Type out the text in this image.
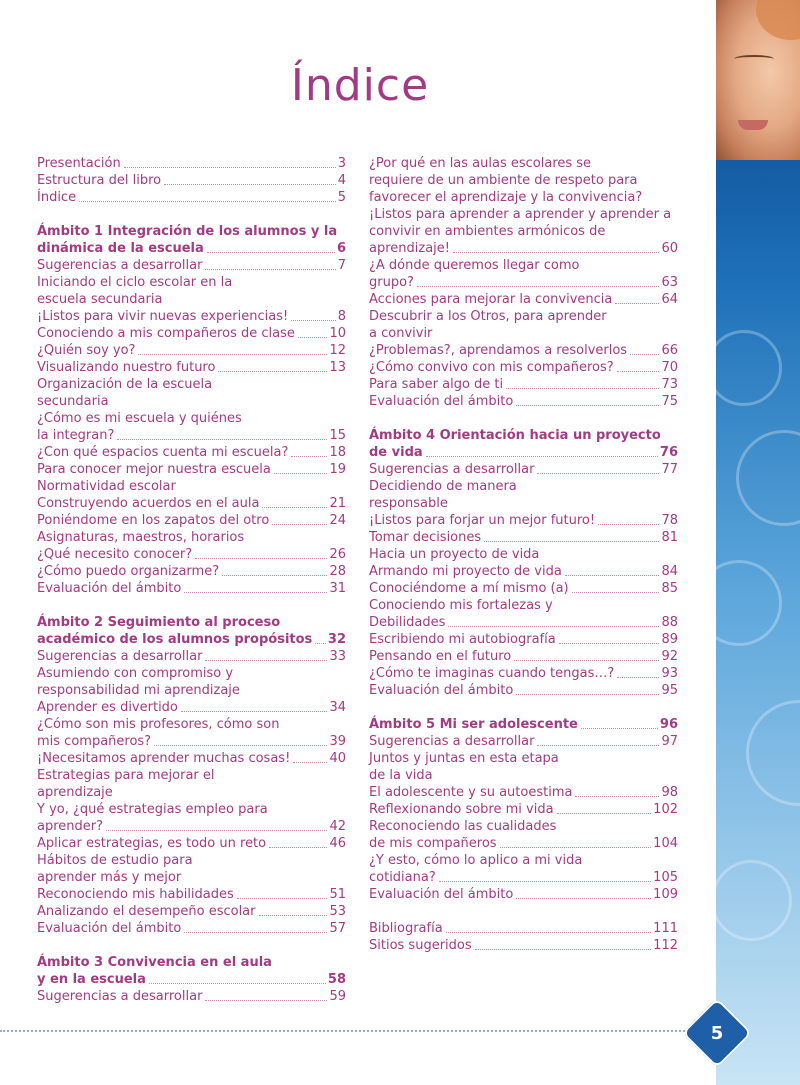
Índice
Presentación	3
Estructura del libro	4
Índice	5
Ámbito 1 Integración de los alumnos y la
dinámica de la escuela	6
Sugerencias a desarrollar	7
Iniciando el ciclo escolar en la
escuela secundaria
¡Listos para vivir nuevas experiencias!	8
Conociendo a mis compañeros de clase	10
¿Quién soy yo?	12
Visualizando nuestro futuro	13
Organización de la escuela
secundaria
¿Cómo es mi escuela y quiénes
la integran?	15
¿Con qué espacios cuenta mi escuela?	18
Para conocer mejor nuestra escuela	19
Normatividad escolar
Construyendo acuerdos en el aula	21
Poniéndome en los zapatos del otro	24
Asignaturas, maestros, horarios
¿Qué necesito conocer?	26
¿Cómo puedo organizarme?	28
Evaluación del ámbito	31
Ámbito 2 Seguimiento al proceso
académico de los alumnos propósitos 32
Sugerencias a desarrollar	33
Asumiendo con compromiso y
responsabilidad mi aprendizaje
Aprender es divertido	34
¿Cómo son mis profesores, cómo son
mis compañeros?	39
¡Necesitamos aprender muchas cosas!	40
Estrategias para mejorar el
aprendizaje
Y yo, ¿qué estrategias empleo para
aprender?	42
Aplicar estrategias, es todo un reto	46
Hábitos de estudio para
aprender más y mejor
Reconociendo mis habilidades	51
Analizando el desempeño escolar	53
Evaluación del ámbito	57
Ámbito 3 Convivencia en el aula
y en la escuela	58
Sugerencias a desarrollar	59
¿Por qué en las aulas escolares se
requiere de un ambiente de respeto para
favorecer el aprendizaje y la convivencia?
¡Listos para aprender a aprender y aprender a
convivir en ambientes armónicos de
aprendizaje!	60
¿A dónde queremos llegar como
grupo?	63
Acciones para mejorar la convivencia	64
Descubrir a los Otros, para aprender
a convivir
¿Problemas?, aprendamos a resolverlos	66
¿Cómo convivo con mis compañeros?	70
Para saber algo de ti	73
Evaluación del ámbito	75
Ámbito 4 Orientación hacia un proyecto
de vida	76
Sugerencias a desarrollar	77
Decidiendo de manera
responsable
¡Listos para forjar un mejor futuro!	78
Tomar decisiones	81
Hacia un proyecto de vida
Armando mi proyecto de vida	84
Conociéndome a mí mismo (a)	85
Conociendo mis fortalezas y
Debilidades	88
Escribiendo mi autobiografía	89
Pensando en el futuro	92
¿Cómo te imaginas cuando tengas…?	93
Evaluación del ámbito	95
Ámbito 5 Mi ser adolescente	96
Sugerencias a desarrollar	97
Juntos y juntas en esta etapa
de la vida
El adolescente y su autoestima	98
Reflexionando sobre mi vida	102
Reconociendo las cualidades
de mis compañeros	104
¿Y esto, cómo lo aplico a mi vida
cotidiana?	105
Evaluación del ámbito	109
Bibliografía	111
Sitios sugeridos	112
5
